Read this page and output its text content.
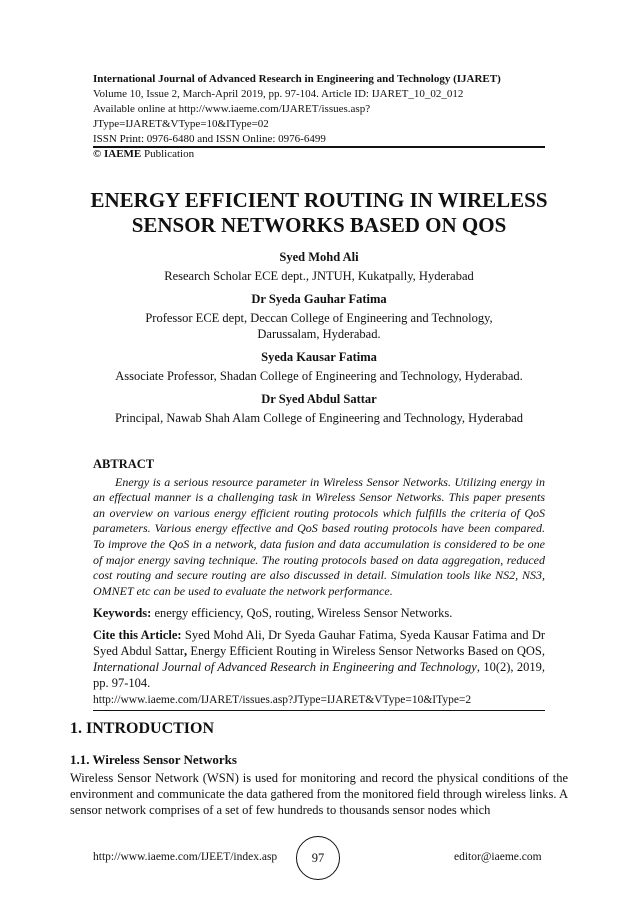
International Journal of Advanced Research in Engineering and Technology (IJARET)
Volume 10, Issue 2, March-April 2019, pp. 97-104. Article ID: IJARET_10_02_012
Available online at http://www.iaeme.com/IJARET/issues.asp?JType=IJARET&VType=10&IType=02
ISSN Print: 0976-6480 and ISSN Online: 0976-6499
© IAEME Publication
ENERGY EFFICIENT ROUTING IN WIRELESS
SENSOR NETWORKS BASED ON QOS
Syed Mohd Ali
Research Scholar ECE dept., JNTUH, Kukatpally, Hyderabad
Dr Syeda Gauhar Fatima
Professor ECE dept, Deccan College of Engineering and Technology,
Darussalam, Hyderabad.
Syeda Kausar Fatima
Associate Professor, Shadan College of Engineering and Technology, Hyderabad.
Dr Syed Abdul Sattar
Principal, Nawab Shah Alam College of Engineering and Technology, Hyderabad
ABTRACT

Energy is a serious resource parameter in Wireless Sensor Networks. Utilizing energy in an effectual manner is a challenging task in Wireless Sensor Networks. This paper presents an overview on various energy efficient routing protocols which fulfills the criteria of QoS parameters. Various energy effective and QoS based routing protocols have been compared. To improve the QoS in a network, data fusion and data accumulation is considered to be one of major energy saving technique. The routing protocols based on data aggregation, reduced cost routing and secure routing are also discussed in detail. Simulation tools like NS2, NS3, OMNET etc can be used to evaluate the network performance.

Keywords: energy efficiency, QoS, routing, Wireless Sensor Networks.
Cite this Article: Syed Mohd Ali, Dr Syeda Gauhar Fatima, Syeda Kausar Fatima and Dr Syed Abdul Sattar, Energy Efficient Routing in Wireless Sensor Networks Based on QOS, International Journal of Advanced Research in Engineering and Technology, 10(2), 2019, pp. 97-104.
http://www.iaeme.com/IJARET/issues.asp?JType=IJARET&VType=10&IType=2
1. INTRODUCTION
1.1. Wireless Sensor Networks
Wireless Sensor Network (WSN) is used for monitoring and record the physical conditions of the environment and communicate the data gathered from the monitored field through wireless links. A sensor network comprises of a set of few hundreds to thousands sensor nodes which
http://www.iaeme.com/IJEET/index.asp	97	editor@iaeme.com
